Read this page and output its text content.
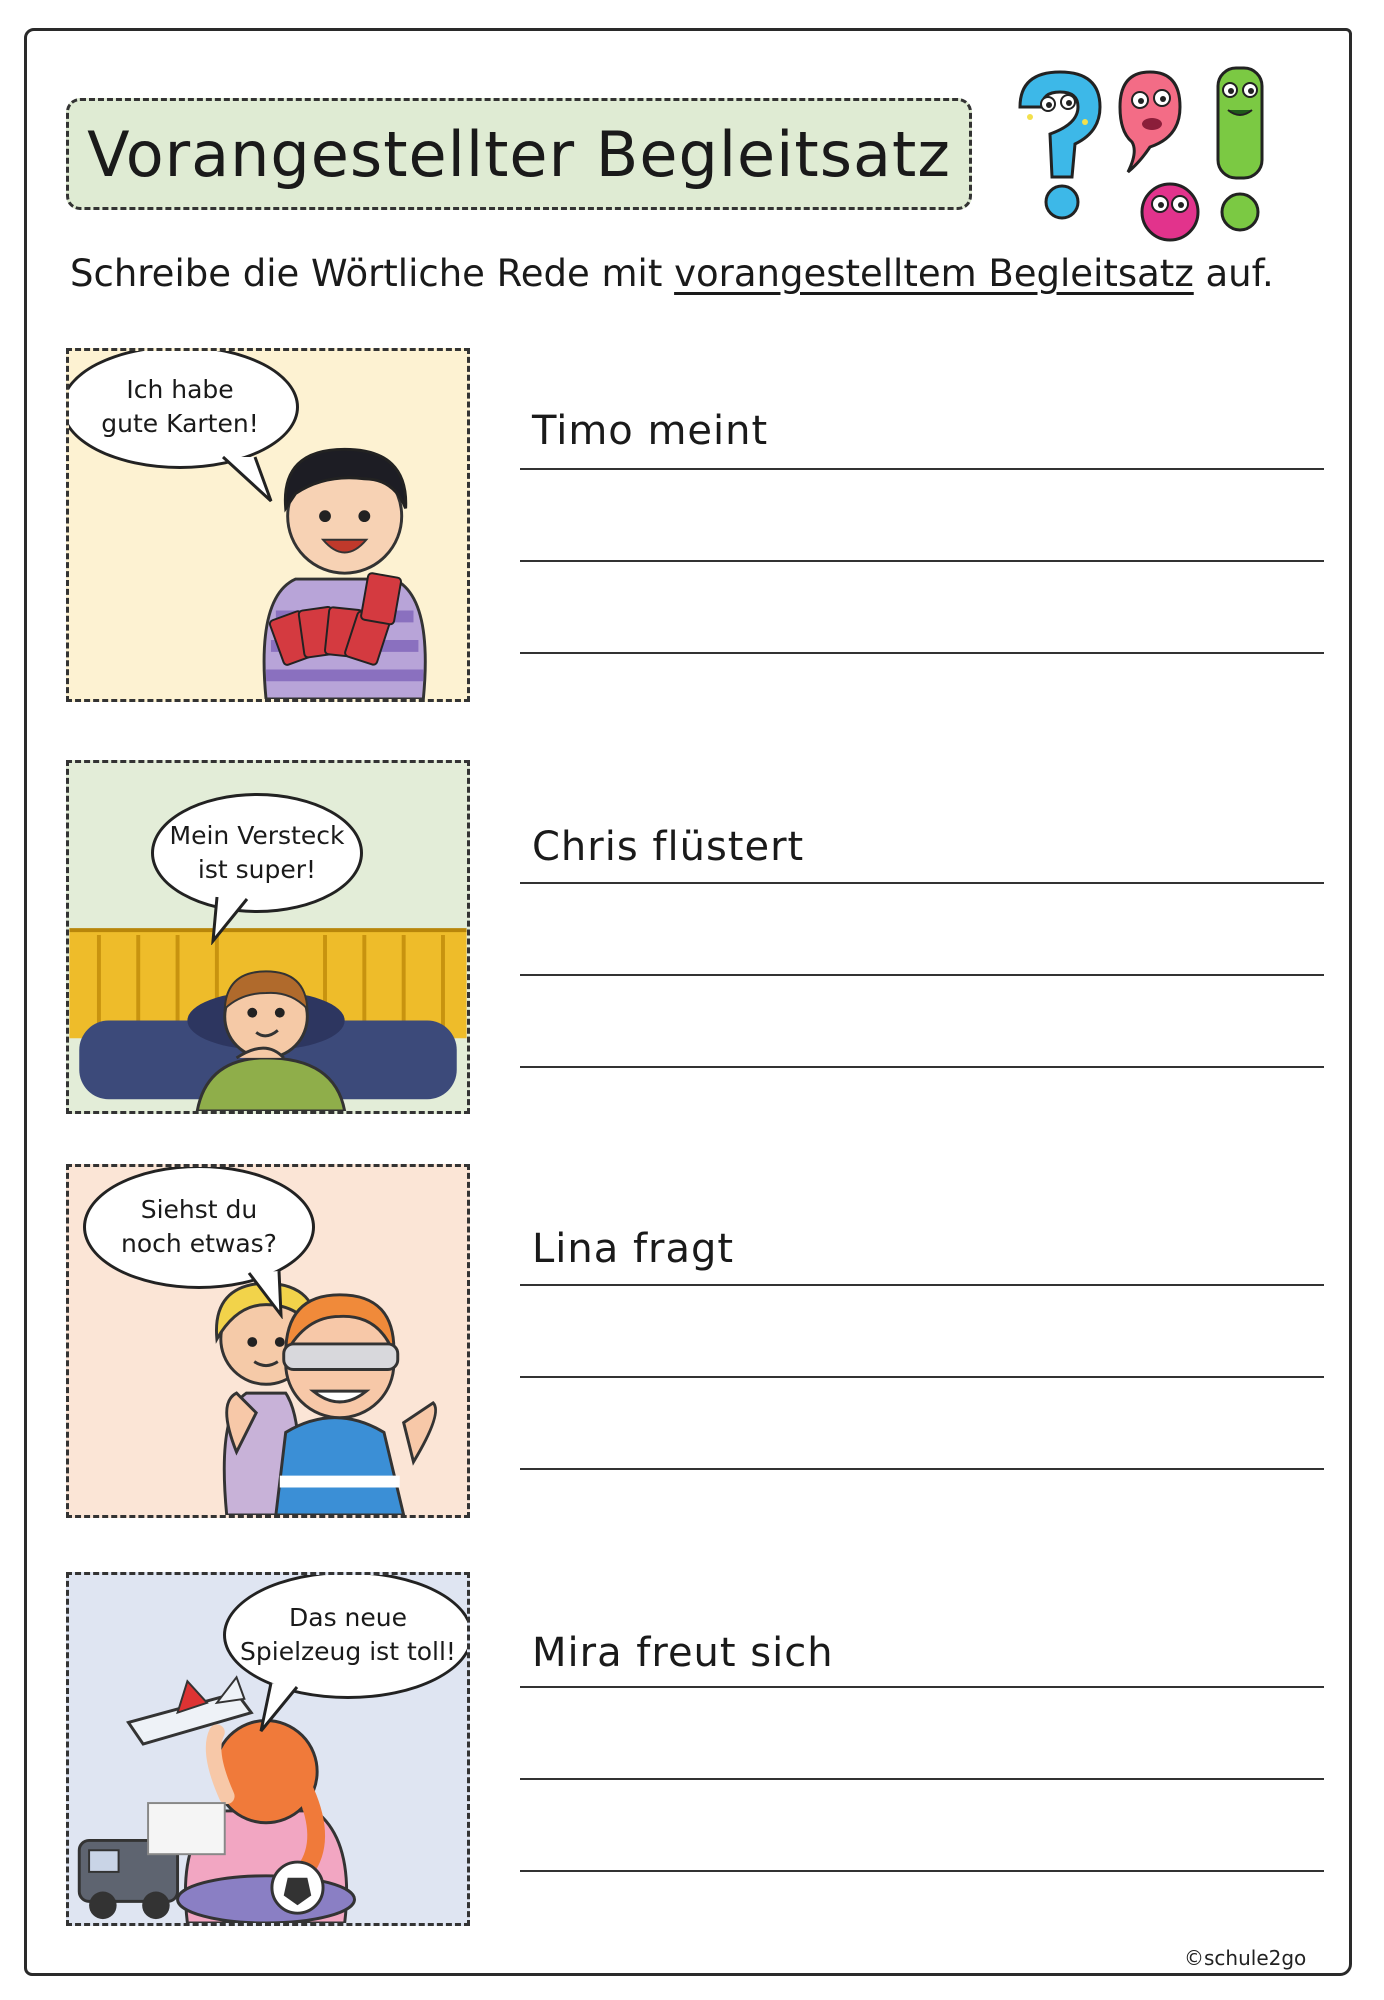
Vorangestellter Begleitsatz
Schreibe die Wörtliche Rede mit vorangestelltem Begleitsatz auf.
Ich habe
gute Karten!	Timo meint
Mein Versteck
ist super!	Chris flüstert
Siehst du
noch etwas?	Lina fragt
Das neue
Spielzeug ist toll! Mira freut sich
©schule2go
